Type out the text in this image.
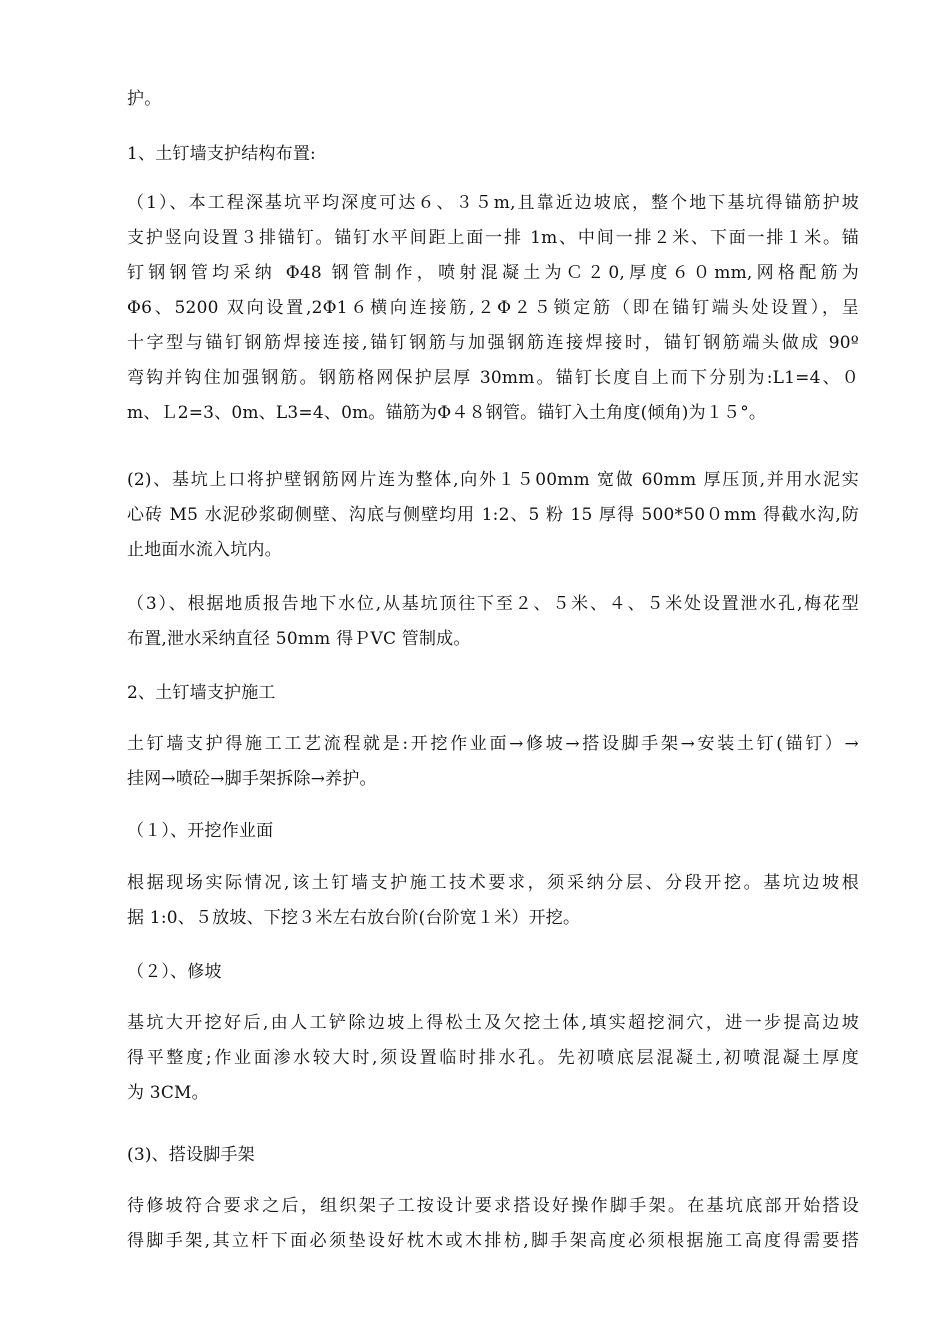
护。
1、土钉墙支护结构布置:
（1）、本工程深基坑平均深度可达６、３５m,且靠近边坡底，整个地下基坑得锚筋护坡
支护竖向设置３排锚钉。锚钉水平间距上面一排 1m、中间一排２米、下面一排１米。锚
钉钢钢管均采纳 Φ48 钢管制作，喷射混凝土为Ｃ２0,厚度６０mm,网格配筋为
Φ6、5200 双向设置,2Φ1６横向连接筋,２Φ２５锁定筋（即在锚钉端头处设置），呈
十字型与锚钉钢筋焊接连接,锚钉钢筋与加强钢筋连接焊接时，锚钉钢筋端头做成 90º
弯钩并钩住加强钢筋。钢筋格网保护层厚 30mm。锚钉长度自上而下分别为:L1=4、０
m、Ｌ2=3、0m、L3=4、0m。锚筋为Φ４８钢管。锚钉入土角度(倾角)为１５°。
(2)、基坑上口将护壁钢筋网片连为整体,向外１５00mm 宽做 60mm 厚压顶,并用水泥实
心砖 M5 水泥砂浆砌侧壁、沟底与侧壁均用 1:2、5 粉 15 厚得 500*50０mm 得截水沟,防
止地面水流入坑内。
（3）、根据地质报告地下水位,从基坑顶往下至２、５米、４、５米处设置泄水孔,梅花型
布置,泄水采纳直径 50mm 得ＰVC 管制成。
2、土钉墙支护施工
土钉墙支护得施工工艺流程就是:开挖作业面→修坡→搭设脚手架→安装土钉(锚钉）→
挂网→喷砼→脚手架拆除→养护。
（１）、开挖作业面
根据现场实际情况,该土钉墙支护施工技术要求，须采纳分层、分段开挖。基坑边坡根
据 1:0、５放坡、下挖３米左右放台阶(台阶宽１米）开挖。
（２）、修坡
基坑大开挖好后,由人工铲除边坡上得松土及欠挖土体,填实超挖洞穴，进一步提高边坡
得平整度;作业面渗水较大时,须设置临时排水孔。先初喷底层混凝土,初喷混凝土厚度
为 3CM。
(3)、搭设脚手架
待修坡符合要求之后，组织架子工按设计要求搭设好操作脚手架。在基坑底部开始搭设
得脚手架,其立杆下面必须垫设好枕木或木排枋,脚手架高度必须根据施工高度得需要搭
